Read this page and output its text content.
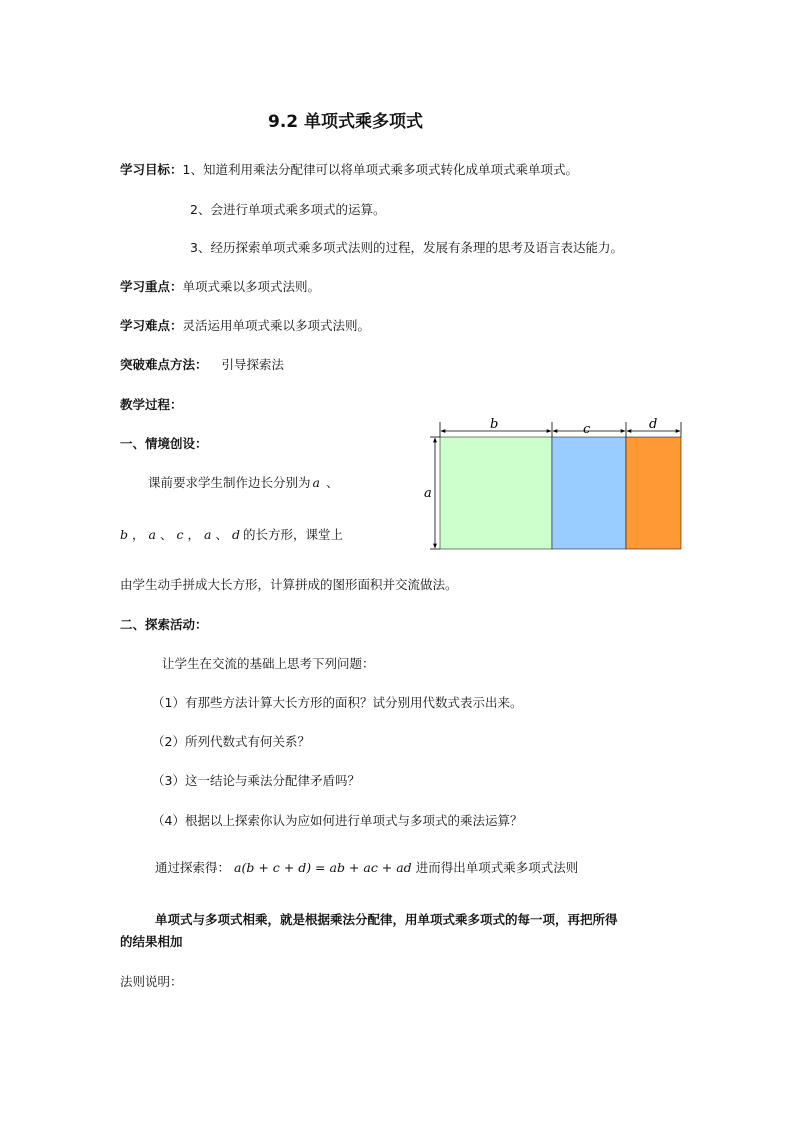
9.2 单项式乘多项式
学习目标：1、知道利用乘法分配律可以将单项式乘多项式转化成单项式乘单项式。
2、会进行单项式乘多项式的运算。
3、经历探索单项式乘多项式法则的过程，发展有条理的思考及语言表达能力。
学习重点：单项式乘以多项式法则。
学习难点：灵活运用单项式乘以多项式法则。
突破难点方法： 引导探索法
教学过程：
一、情境创设：
课前要求学生制作边长分别为 a 、
b ， a 、 c ， a 、 d 的长方形，课堂上
由学生动手拼成大长方形，计算拼成的图形面积并交流做法。
b	c	d
a
二、探索活动：
让学生在交流的基础上思考下列问题：
（1）有那些方法计算大长方形的面积？试分别用代数式表示出来。
（2）所列代数式有何关系？
（3）这一结论与乘法分配律矛盾吗？
（4）根据以上探索你认为应如何进行单项式与多项式的乘法运算？
通过探索得： a(b + c + d) = ab + ac + ad 进而得出单项式乘多项式法则
单项式与多项式相乘，就是根据乘法分配律，用单项式乘多项式的每一项，再把所得
的结果相加
法则说明：
